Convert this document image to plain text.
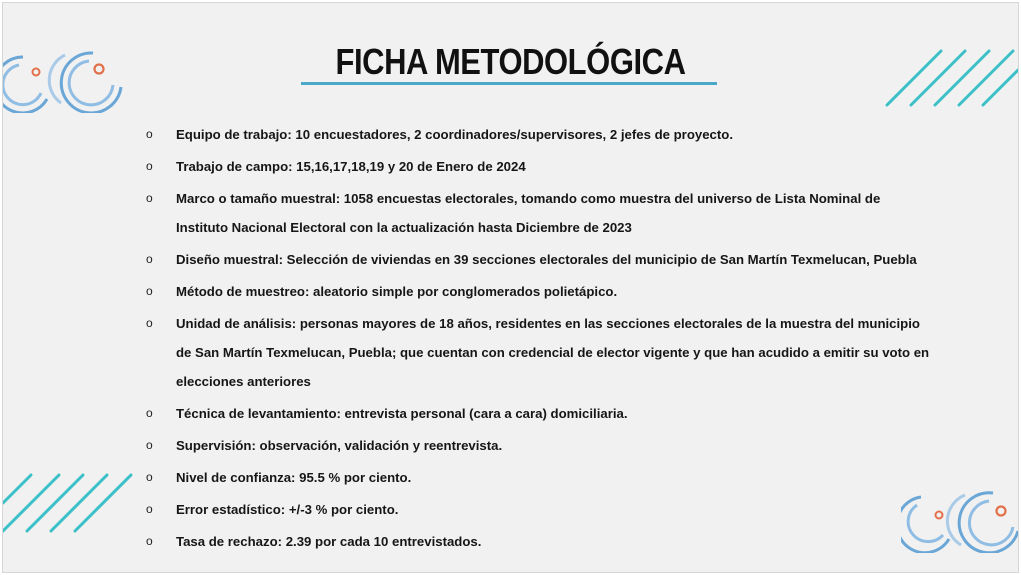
FICHA METODOLÓGICA
o Equipo de trabajo: 10 encuestadores, 2 coordinadores/supervisores, 2 jefes de proyecto.
o Trabajo de campo: 15,16,17,18,19 y 20 de Enero de 2024
o Marco o tamaño muestral: 1058 encuestas electorales, tomando como muestra del universo de Lista Nominal de Instituto Nacional Electoral con la actualización hasta Diciembre de 2023
o Diseño muestral: Selección de viviendas en 39 secciones electorales del municipio de San Martín Texmelucan, Puebla
o Método de muestreo: aleatorio simple por conglomerados polietápico.
o Unidad de análisis: personas mayores de 18 años, residentes en las secciones electorales de la muestra del municipio de San Martín Texmelucan, Puebla; que cuentan con credencial de elector vigente y que han acudido a emitir su voto en elecciones anteriores
o Técnica de levantamiento: entrevista personal (cara a cara) domiciliaria.
o Supervisión: observación, validación y reentrevista.
o Nivel de confianza: 95.5 % por ciento.
o Error estadístico: +/-3 % por ciento.
o Tasa de rechazo: 2.39 por cada 10 entrevistados.
